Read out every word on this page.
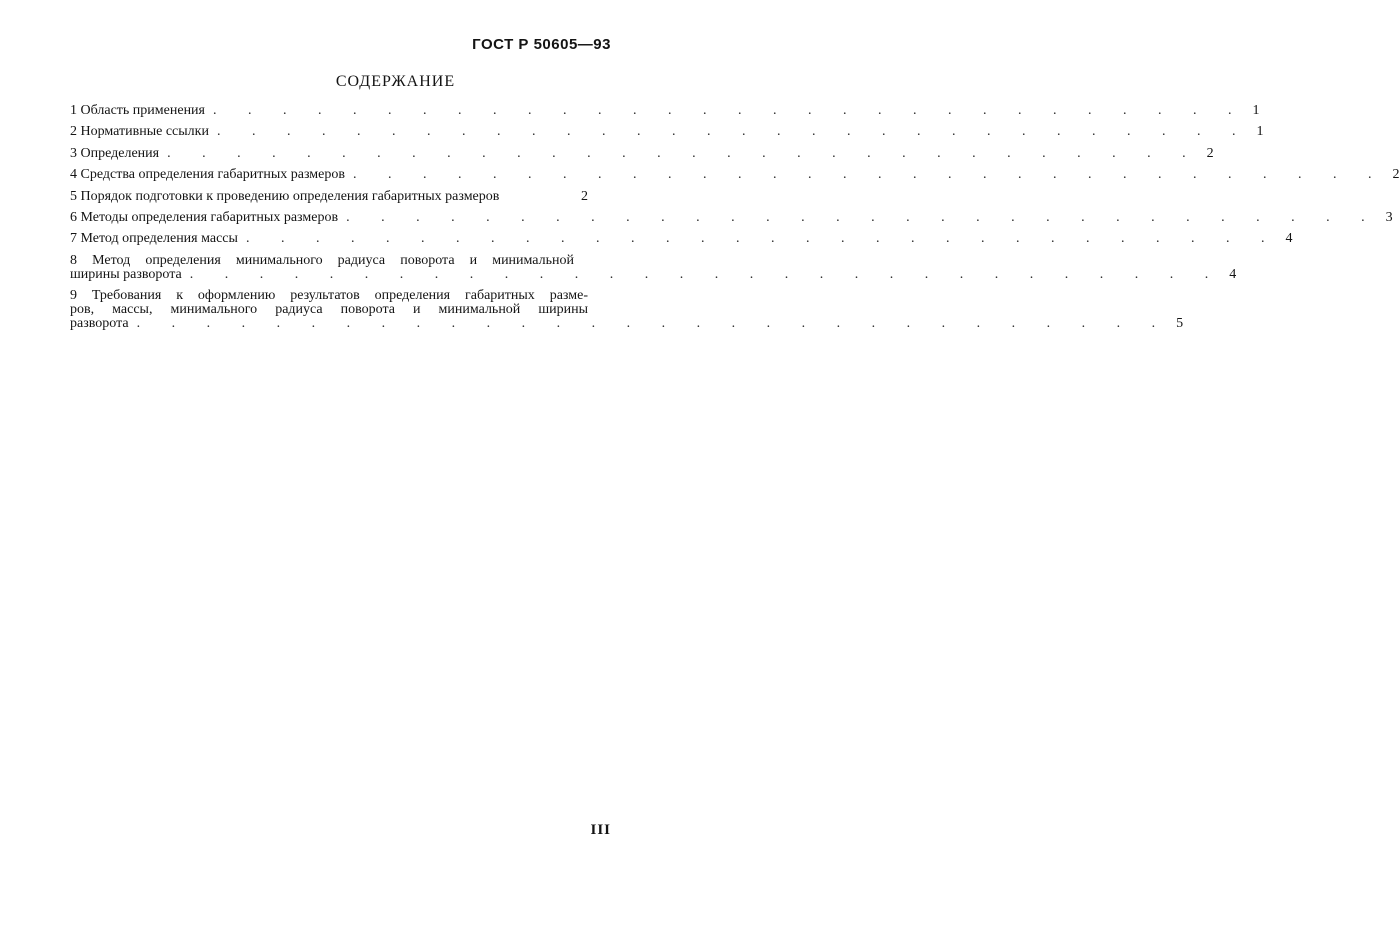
ГОСТ Р 50605—93
СОДЕРЖАНИЕ
1 Область применения . . . . . . . . . . . . . . . . . . . . . . . . . . . . . . 1
2 Нормативные ссылки . . . . . . . . . . . . . . . . . . . . . . . . . . . . . . 1
3 Определения . . . . . . . . . . . . . . . . . . . . . . . . . . . . . . 2
4 Средства определения габаритных размеров . . . . . . . . . . . . . . . . . . . . . . . . . . . . . . 2
5 Порядок подготовки к проведению определения габаритных размеров	2
6 Методы определения габаритных размеров . . . . . . . . . . . . . . . . . . . . . . . . . . . . . . 3
7 Метод определения массы . . . . . . . . . . . . . . . . . . . . . . . . . . . . . . 4
8 Метод определения минимального радиуса поворота и минимальной
ширины разворота . . . . . . . . . . . . . . . . . . . . . . . . . . . . . . 4
9 Требования к оформлению результатов определения габаритных разме-
ров, массы, минимального радиуса поворота и минимальной ширины
разворота . . . . . . . . . . . . . . . . . . . . . . . . . . . . . . 5
III
